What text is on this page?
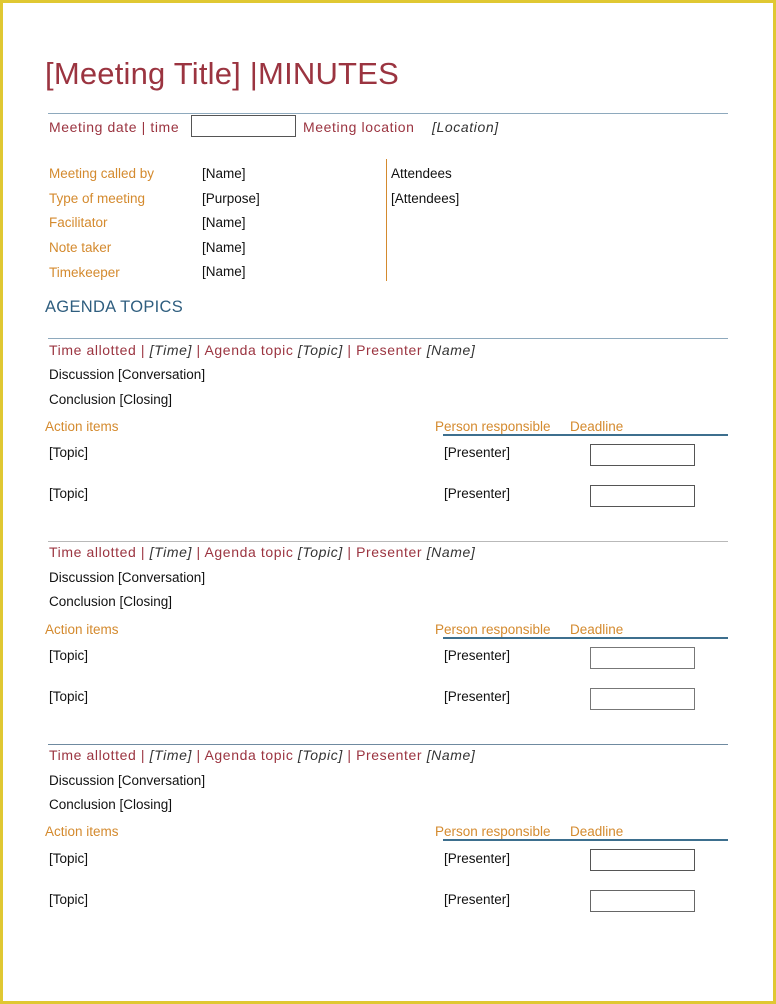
[Meeting Title] |MINUTES
Meeting date | time	Meeting location [Location]
Meeting called by	[Name]
Type of meeting	[Purpose]
Facilitator	[Name]
Note taker	[Name]
Timekeeper	[Name]
Attendees
[Attendees]
AGENDA TOPICS
Time allotted | [Time] | Agenda topic [Topic] | Presenter [Name]
Discussion [Conversation]
Conclusion [Closing]
Action items	Person responsible Deadline
[Topic]	[Presenter]
[Topic]	[Presenter]
Time allotted | [Time] | Agenda topic [Topic] | Presenter [Name]
Discussion [Conversation]
Conclusion [Closing]
Action items	Person responsible Deadline
[Topic]	[Presenter]
[Topic]	[Presenter]
Time allotted | [Time] | Agenda topic [Topic] | Presenter [Name]
Discussion [Conversation]
Conclusion [Closing]
Action items	Person responsible Deadline
[Topic]	[Presenter]
[Topic]	[Presenter]
